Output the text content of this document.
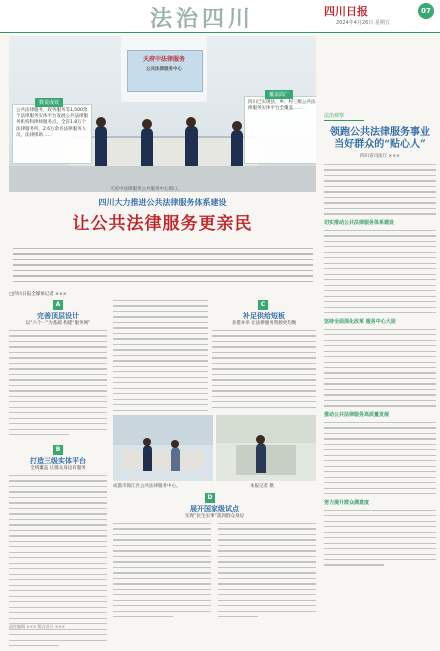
法治四川	四川日报
2024年4月26日 星期五
07
天府中法律服务
公共法律服务中心
数说成效
公共法律服务，政务服务等1,500余个法律服务实体平台发展公共法律服务机构和律师服务点，全省1.8万个法律服务所，2.6万余名法律服务人员，法律援助……
覆盖面广
四川已实现县、乡、村三级公共法律服务实体平台全覆盖……
天府中法律服务公共服务中心窗口。
四川大力推进公共法律服务体系建设
让公共法律服务更亲民
□四川日报全媒体记者 ×××
A
完善顶层设计
以“六个一”为基础 构建“服务网”
B
打造三级实体平台
全域覆盖 让群众身边有服务
C
补足供给短板
多措并举 让法律服务资源更均衡
成都市锦江区公共法律服务中心。	本报记者 摄
D
展开国家级试点
实现“民生实事”落到群众身边
法治观察
领跑公共法律服务事业 当好群众的“贴心人”
四川省司法厅 ×××
切实推动公共法律服务体系建设
坚持全面深化改革 服务中心大局
推动公共法律服务高质量发展
努力提升群众满意度
责任编辑 ××× 版式设计 ×××
